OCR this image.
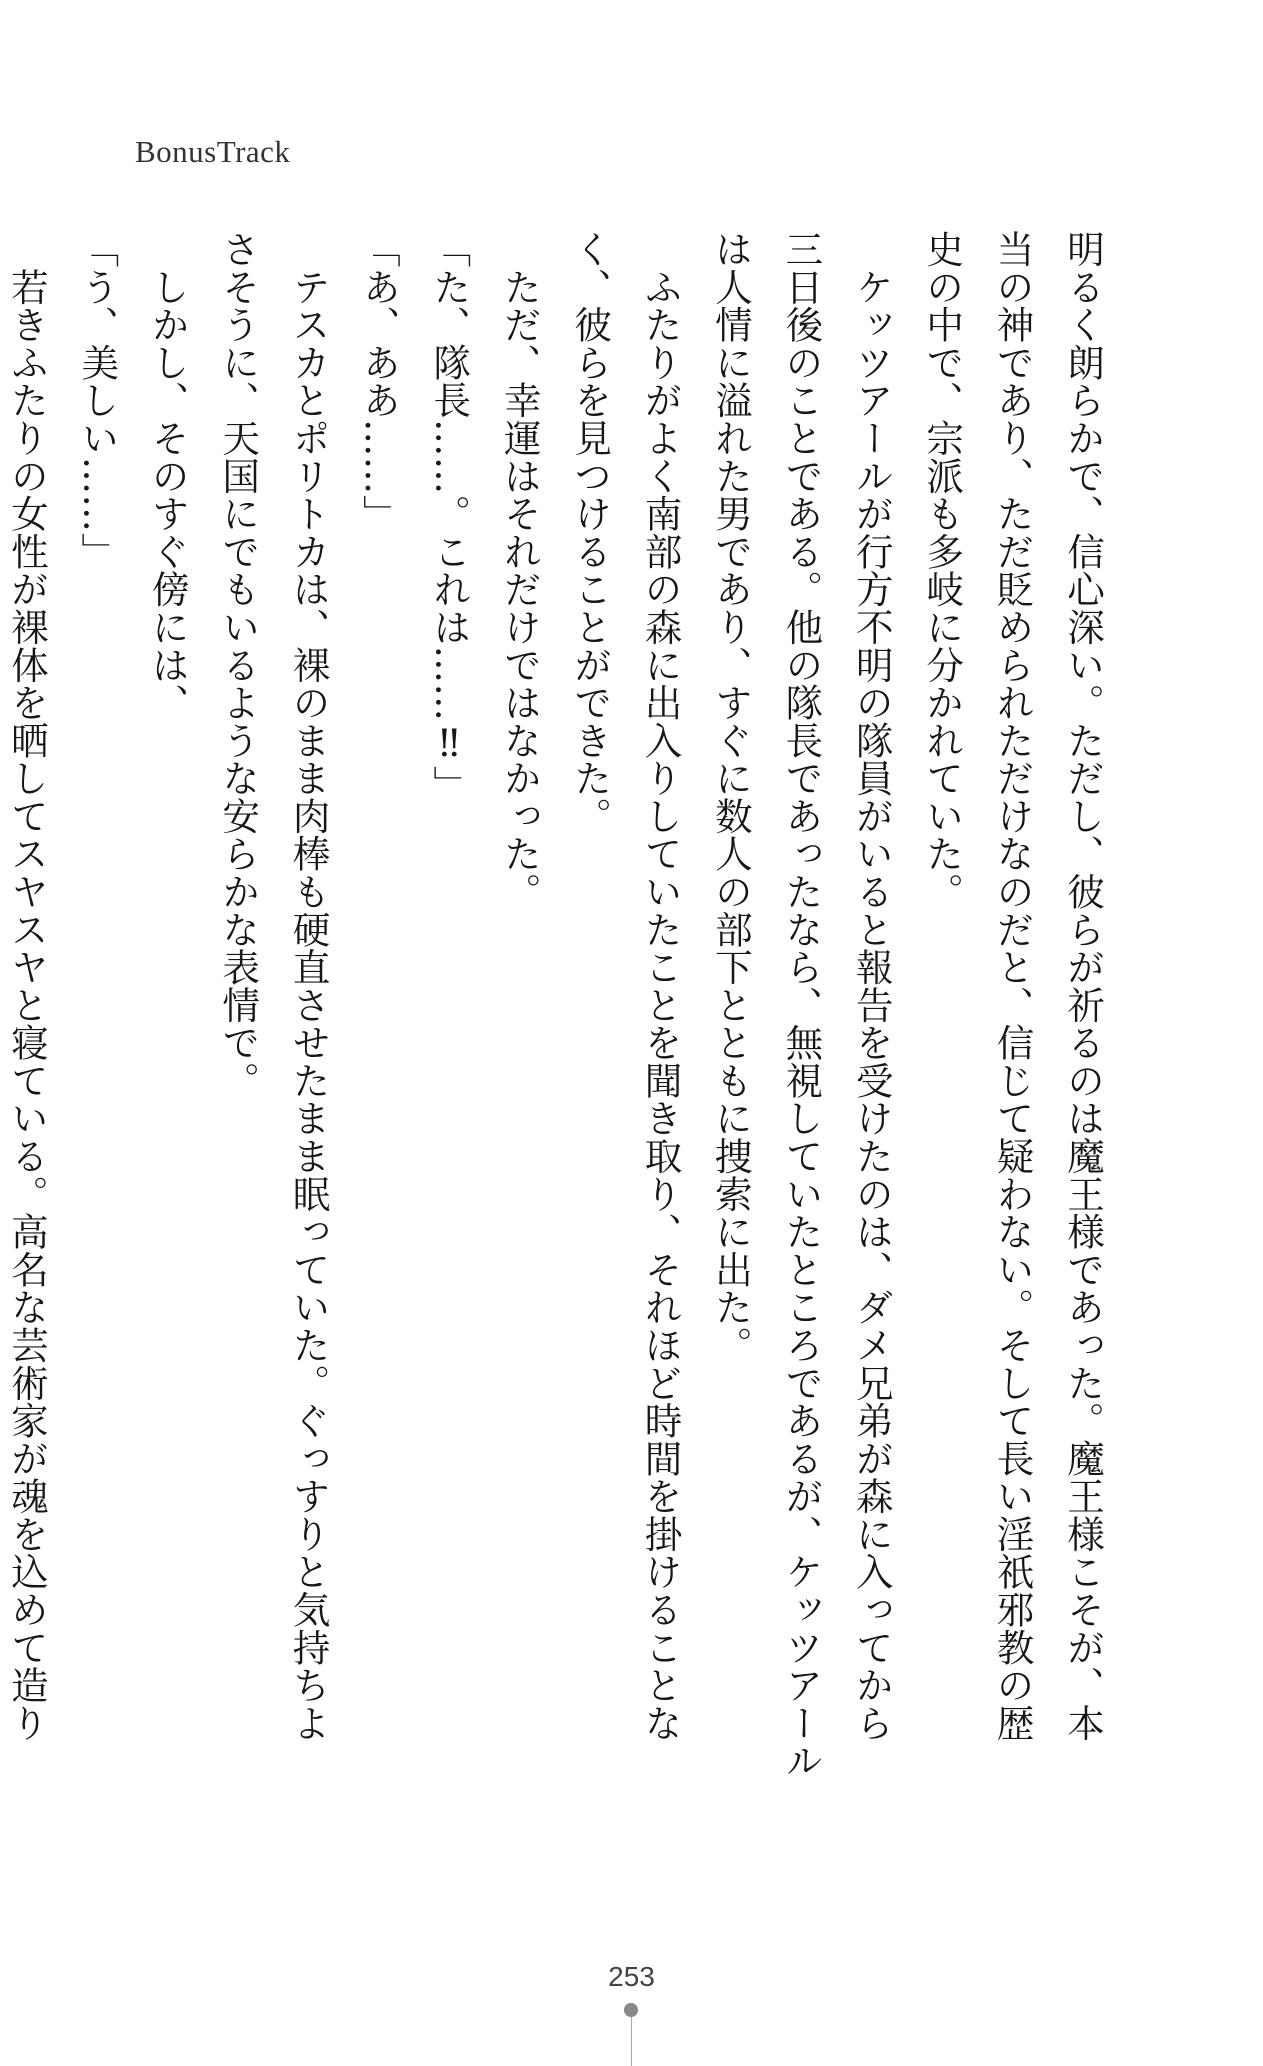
BonusTrack

明るく朗らかで、信心深い。ただし、彼らが祈るのは魔王様であった。魔王様こそが、本

当の神であり、ただ貶められただけなのだと、信じて疑わない。そして長い淫祇邪教の歴

史の中で、宗派も多岐に分かれていた。

　ケッツアールが行方不明の隊員がいると報告を受けたのは、ダメ兄弟が森に入ってから

三日後のことである。他の隊長であったなら、無視していたところであるが、ケッツアール

は人情に溢れた男であり、すぐに数人の部下とともに捜索に出た。

　ふたりがよく南部の森に出入りしていたことを聞き取り、それほど時間を掛けることな

く、彼らを見つけることができた。

　ただ、幸運はそれだけではなかった。

「た、隊長……。これは……‼」

「あ、ああ……」

　テスカとポリトカは、裸のまま肉棒も硬直させたまま眠っていた。ぐっすりと気持ちよ

さそうに、天国にでもいるような安らかな表情で。

　しかし、そのすぐ傍には、

「う、美しい……」

　若きふたりの女性が裸体を晒してスヤスヤと寝ている。高名な芸術家が魂を込めて造り

253
